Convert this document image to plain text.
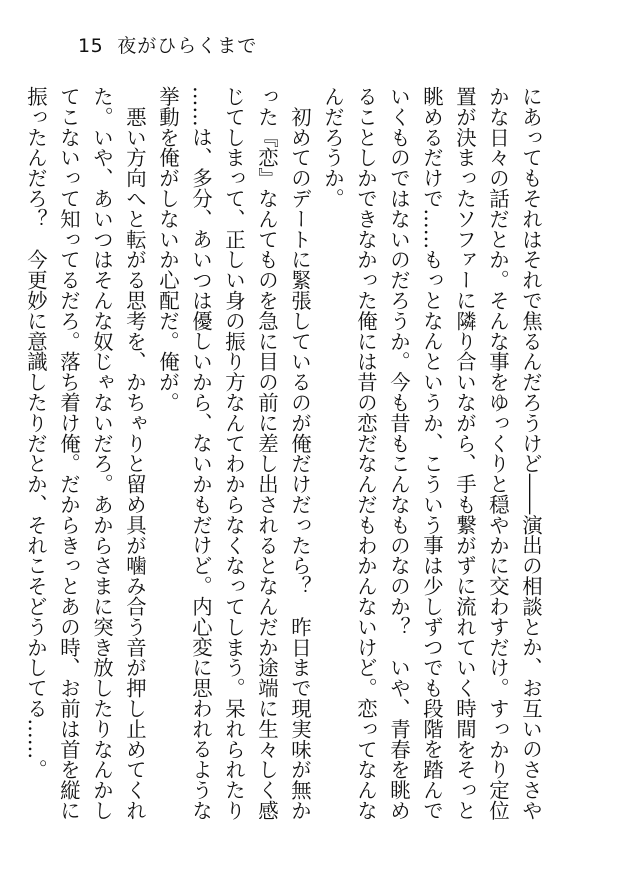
15 夜がひらくまで

にあってもそれはそれで焦るんだろうけど――演出の相談とか、お互いのささやかな日々の話だとか。そんな事をゆっくりと穏やかに交わすだけ。すっかり定位置が決まったソファーに隣り合いながら、手も繋がずに流れていく時間をそっと眺めるだけで……もっとなんというか、こういう事は少しずつでも段階を踏んでいくものではないのだろうか。今も昔もこんなものなのか？　いや、青春を眺めることしかできなかった俺には昔の恋だなんだもわかんないけど。恋ってなんなんだろうか。

　初めてのデートに緊張しているのが俺だけだったら？　昨日まで現実味が無かった『恋』なんてものを急に目の前に差し出されるとなんだか途端に生々しく感じてしまって、正しい身の振り方なんてわからなくなってしまう。呆れられたり……は、多分、あいつは優しいから、ないかもだけど。内心変に思われるような挙動を俺がしないか心配だ。俺が。

　悪い方向へと転がる思考を、かちゃりと留め具が噛み合う音が押し止めてくれた。いや、あいつはそんな奴じゃないだろ。あからさまに突き放したりなんかしてこないって知ってるだろ。落ち着け俺。だからきっとあの時、お前は首を縦に振ったんだろ？　今更妙に意識したりだとか、それこそどうかしてる……。
